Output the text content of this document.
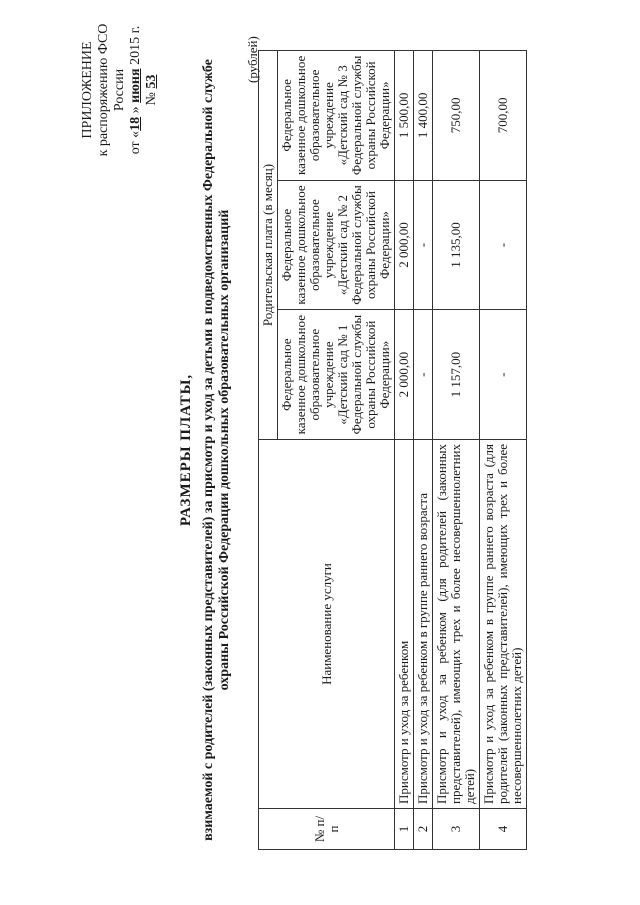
ПРИЛОЖЕНИЕ к распоряжению ФСО России
от «18 » июня 2015 г.
№ 53
РАЗМЕРЫ ПЛАТЫ, взимаемой с родителей (законных представителей) за присмотр и уход за детьми в подведомственных Федеральной службе охраны Российской Федерации дошкольных образовательных организаций
(рублей)
№ п/п	Наименование услуги	Родительская плата (в месяц)		
		Федеральное казенное дошкольное образовательное учреждение «Детский сад № 1 Федеральной службы охраны Российской Федерации»	Федеральное казенное дошкольное образовательное учреждение «Детский сад № 2 Федеральной службы охраны Российской Федерации»	Федеральное казенное дошкольное образовательное учреждение «Детский сад № 3 Федеральной службы охраны Российской Федерации»
1	Присмотр и уход за ребенком	2 000,00	2 000,00	1 500,00
2	Присмотр и уход за ребенком в группе раннего возраста	-	-	1 400,00
3	Присмотр и уход за ребенком (для родителей (законных представителей), имеющих трех и более несовершеннолетних детей)	1 157,00	1 135,00	750,00
4	Присмотр и уход за ребенком в группе раннего возраста (для родителей (законных представителей), имеющих трех и более несовершеннолетних детей)	-	-	700,00
